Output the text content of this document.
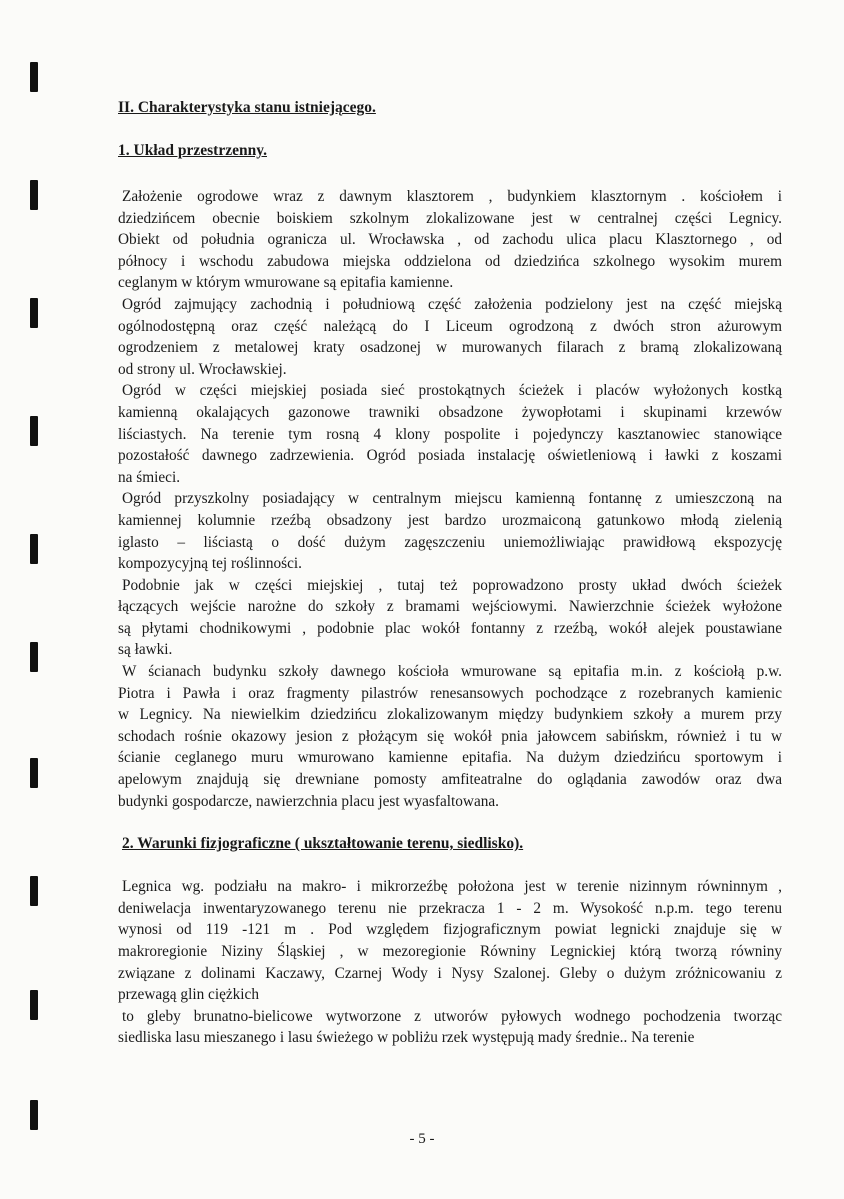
II. Charakterystyka stanu istniejącego.
1. Układ przestrzenny.

Założenie ogrodowe wraz z dawnym klasztorem , budynkiem klasztornym . kościołem i
dziedzińcem obecnie boiskiem szkolnym zlokalizowane jest w centralnej części Legnicy.
Obiekt od południa ogranicza ul. Wrocławska , od zachodu ulica placu Klasztornego , od
północy i wschodu zabudowa miejska oddzielona od dziedzińca szkolnego wysokim murem
ceglanym w którym wmurowane są epitafia kamienne.

Ogród zajmujący zachodnią i południową część założenia podzielony jest na część miejską
ogólnodostępną oraz część należącą do I Liceum ogrodzoną z dwóch stron ażurowym
ogrodzeniem z metalowej kraty osadzonej w murowanych filarach z bramą zlokalizowaną
od strony ul. Wrocławskiej.

Ogród w części miejskiej posiada sieć prostokątnych ścieżek i placów wyłożonych kostką
kamienną okalających gazonowe trawniki obsadzone żywopłotami i skupinami krzewów
liściastych. Na terenie tym rosną 4 klony pospolite i pojedynczy kasztanowiec stanowiące
pozostałość dawnego zadrzewienia. Ogród posiada instalację oświetleniową i ławki z koszami
na śmieci.

Ogród przyszkolny posiadający w centralnym miejscu kamienną fontannę z umieszczoną na
kamiennej kolumnie rzeźbą obsadzony jest bardzo urozmaiconą gatunkowo młodą zielenią
iglasto – liściastą o dość dużym zagęszczeniu uniemożliwiając prawidłową ekspozycję
kompozycyjną tej roślinności.

Podobnie jak w części miejskiej , tutaj też poprowadzono prosty układ dwóch ścieżek
łączących wejście narożne do szkoły z bramami wejściowymi. Nawierzchnie ścieżek wyłożone
są płytami chodnikowymi , podobnie plac wokół fontanny z rzeźbą, wokół alejek poustawiane
są ławki.

W ścianach budynku szkoły dawnego kościoła wmurowane są epitafia m.in. z kościołą p.w.
Piotra i Pawła i oraz fragmenty pilastrów renesansowych pochodzące z rozebranych kamienic
w Legnicy. Na niewielkim dziedzińcu zlokalizowanym między budynkiem szkoły a murem przy
schodach rośnie okazowy jesion z płożącym się wokół pnia jałowcem sabińskm, również i tu w
ścianie ceglanego muru wmurowano kamienne epitafia. Na dużym dziedzińcu sportowym i
apelowym znajdują się drewniane pomosty amfiteatralne do oglądania zawodów oraz dwa
budynki gospodarcze, nawierzchnia placu jest wyasfaltowana.

2. Warunki fizjograficzne ( ukształtowanie terenu, siedlisko).

Legnica wg. podziału na makro- i mikrorzeźbę położona jest w terenie nizinnym równinnym ,
deniwelacja inwentaryzowanego terenu nie przekracza 1 - 2 m. Wysokość n.p.m. tego terenu
wynosi od 119 -121 m . Pod względem fizjograficznym powiat legnicki znajduje się w
makroregionie Niziny Śląskiej , w mezoregionie Równiny Legnickiej którą tworzą równiny
związane z dolinami Kaczawy, Czarnej Wody i Nysy Szalonej. Gleby o dużym zróżnicowaniu z
przewagą glin ciężkich

to gleby brunatno-bielicowe wytworzone z utworów pyłowych wodnego pochodzenia tworząc
siedliska lasu mieszanego i lasu świeżego w pobliżu rzek występują mady średnie.. Na terenie

- 5 -
